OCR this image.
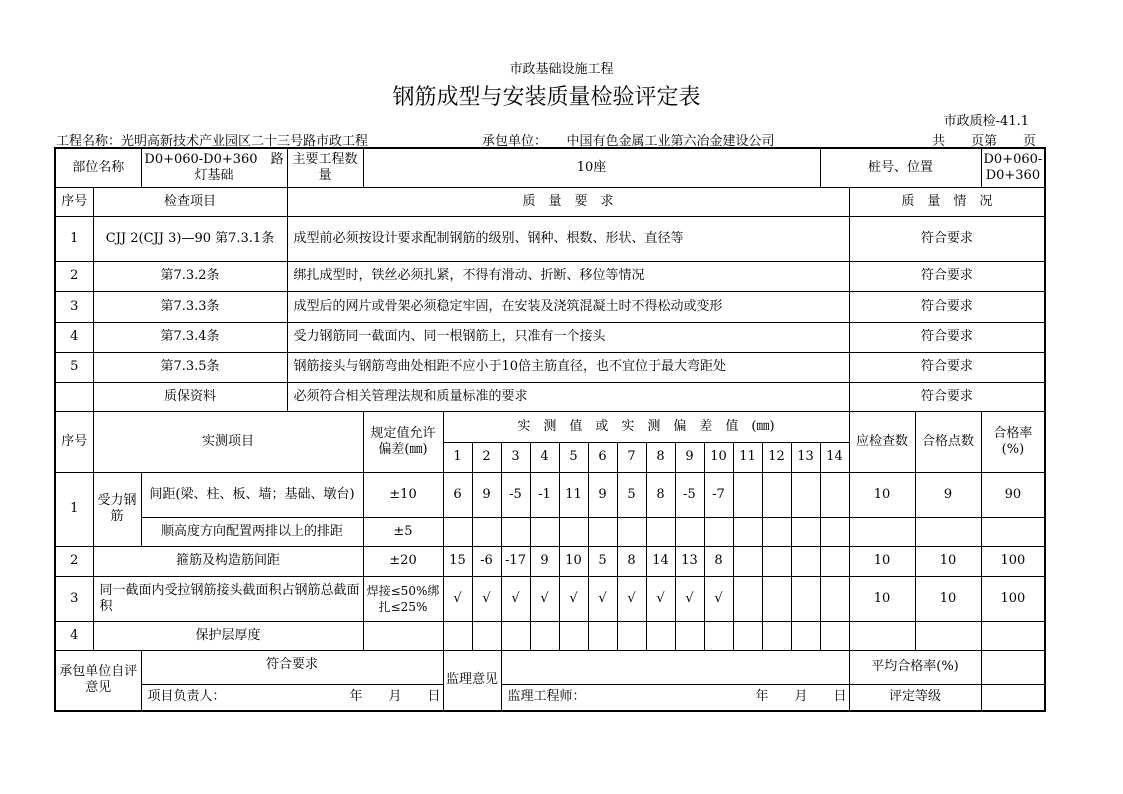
市政基础设施工程
钢筋成型与安装质量检验评定表
市政质检-41.1
工程名称：光明高新技术产业园区二十三号路市政工程	承包单位：　　 中国有色金属工业第六冶金建设公司	共　　页第　　页
部位名称		D0+060-D0+360　路灯基础	主要工程数量	10座														桩号、位置			D0+060-D0+360
序号	检查项目		质　量　要　求																质　量　情　况		
1	CJJ 2(CJJ 3)—90 第7.3.1条		成型前必须按设计要求配制钢筋的级别、钢种、根数、形状、直径等																符合要求		
2	第7.3.2条		绑扎成型时，铁丝必须扎紧，不得有滑动、折断、移位等情况																符合要求		
3	第7.3.3条		成型后的网片或骨架必须稳定牢固，在安装及浇筑混凝土时不得松动或变形																符合要求		
4	第7.3.4条		受力钢筋同一截面内、同一根钢筋上，只准有一个接头																符合要求		
5	第7.3.5条		钢筋接头与钢筋弯曲处相距不应小于10倍主筋直径，也不宜位于最大弯距处																符合要求		
	质保资料		必须符合相关管理法规和质量标准的要求																符合要求		
序号	实测项目			规定值允许偏差(㎜)	实　测　值　或　实　测　偏　差　值　(㎜)														应检查数	合格点数	合格率(%)
					1	2	3	4	5	6	7	8	9	10	11	12	13	14			
1	受力钢筋	间距(梁、柱、板、墙；基础、墩台)		±10	6	9	-5	-1	11	9	5	8	-5	-7					10	9	90
		顺高度方向配置两排以上的排距		±5																	
2	箍筋及构造筋间距			±20	15	-6	-17	9	10	5	8	14	13	8					10	10	100
3	同一截面内受拉钢筋接头截面积占钢筋总截面积			焊接≤50%绑扎≤25%	√	√	√	√	√	√	√	√	√	√					10	10	100
4	保护层厚度																				
承包单位自评意见		符合要求			监理意见														平均合格率(%)		

		项目负责人： 年　　月　　日					监理工程师： 年　　月　　日												评定等级		
